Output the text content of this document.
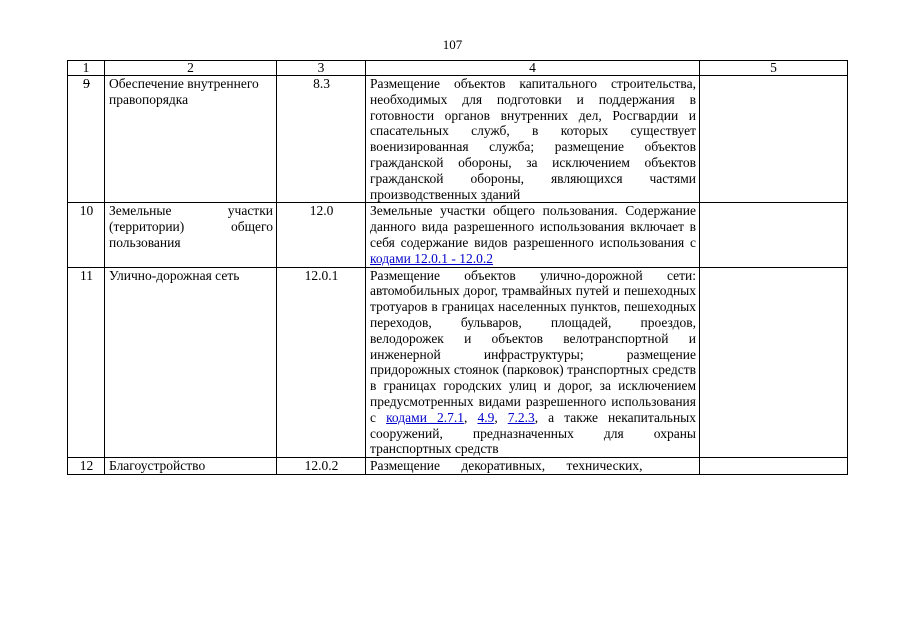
107
1	2	3	4	5
9	Обеспечение внутреннего правопорядка	8.3	Размещение объектов капитального строительства, необходимых для подготовки и поддержания в готовности органов внутренних дел, Росгвардии и спасательных служб, в которых существует военизированная служба; размещение объектов гражданской обороны, за исключением объектов гражданской обороны, являющихся частями производственных зданий	
10	Земельные участки (территории) общего пользования	12.0	Земельные участки общего пользования. Содержание данного вида разрешенного использования включает в себя содержание видов разрешенного использования с кодами 12.0.1 - 12.0.2	
11	Улично-дорожная сеть	12.0.1	Размещение объектов улично-дорожной сети: автомобильных дорог, трамвайных путей и пешеходных тротуаров в границах населенных пунктов, пешеходных переходов, бульваров, площадей, проездов, велодорожек и объектов велотранспортной и инженерной инфраструктуры; размещение придорожных стоянок (парковок) транспортных средств в границах городских улиц и дорог, за исключением предусмотренных видами разрешенного использования с кодами 2.7.1, 4.9, 7.2.3, а также некапитальных сооружений, предназначенных для охраны транспортных средств	
12	Благоустройство	12.0.2	Размещение декоративных, технических,	
